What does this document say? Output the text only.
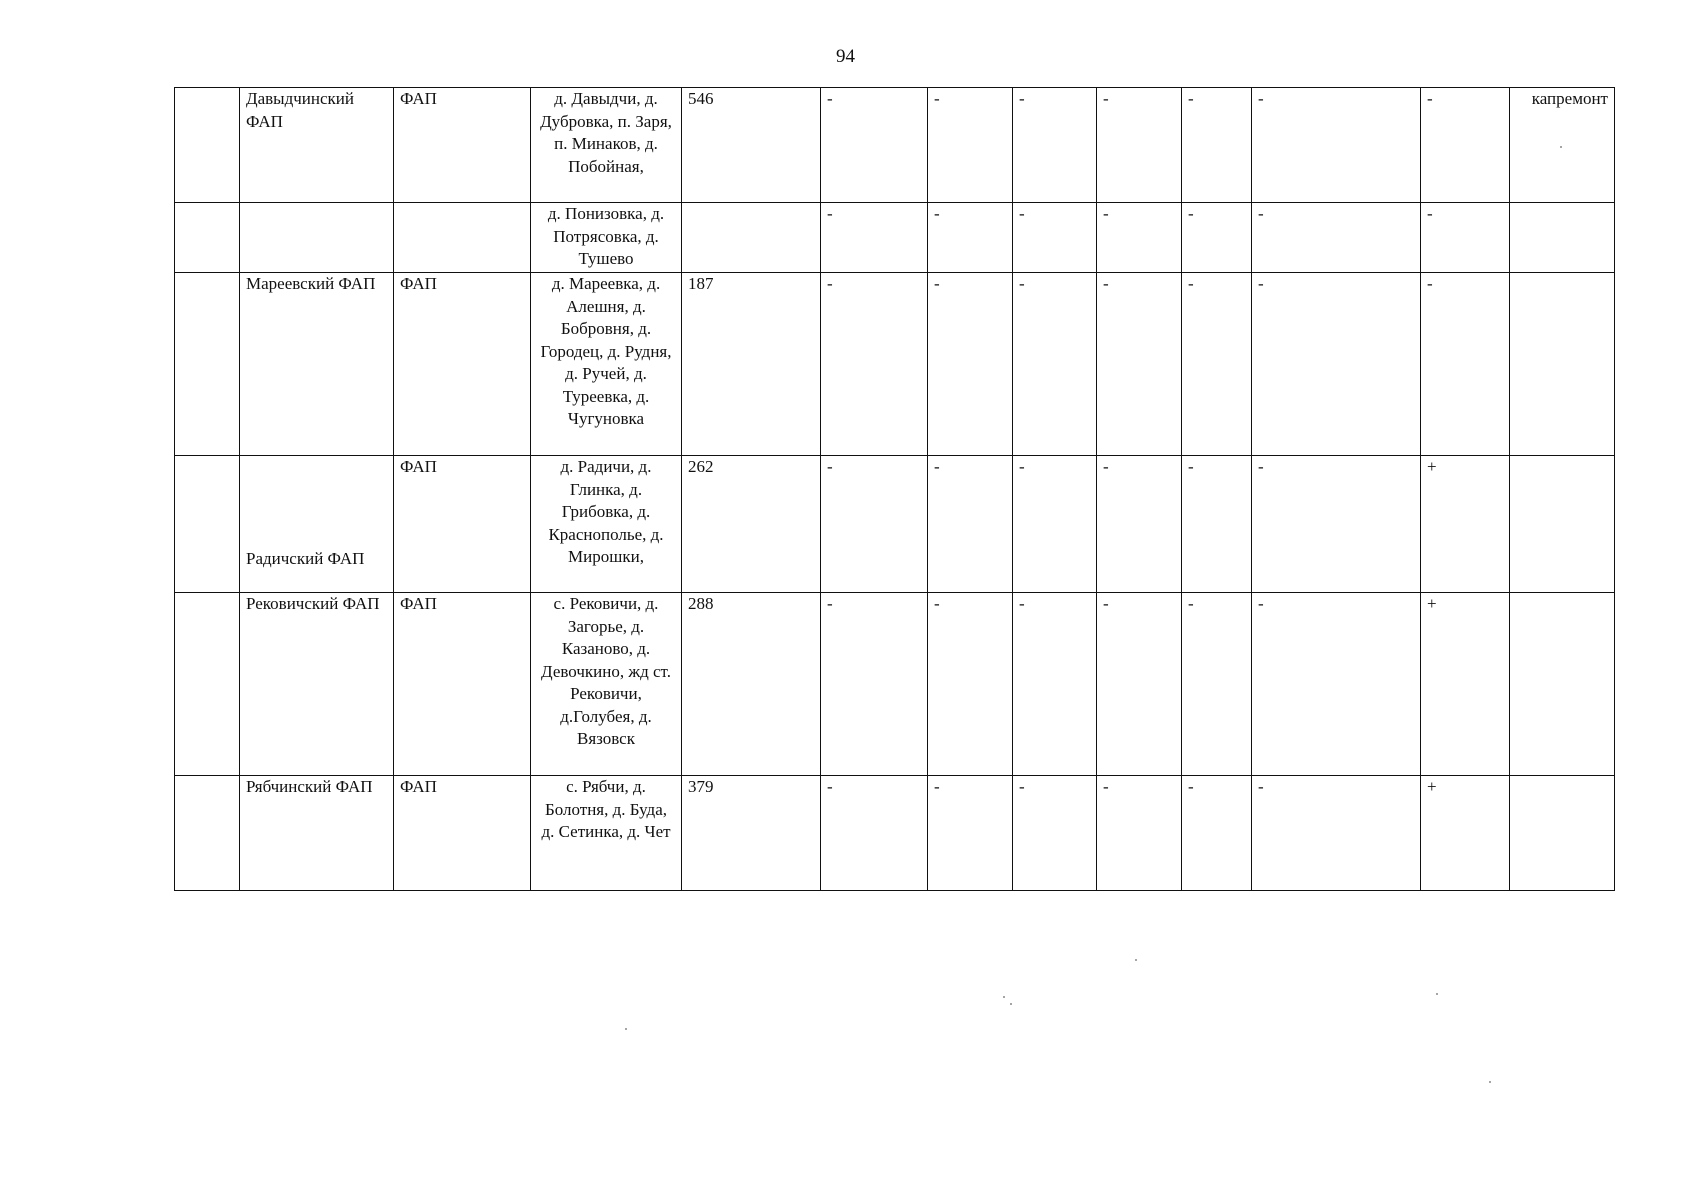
94
	Давыдчинский ФАП	ФАП	д. Давыдчи, д. Дубровка, п. Заря, п. Минаков, д. Побойная,	546	-	-	-	-	-	-	-	капремонт
			д. Понизовка, д. Потрясовка, д. Тушево		-	-	-	-	-	-	-	
	Мареевский ФАП	ФАП	д. Мареевка, д. Алешня, д. Бобровня, д. Городец, д. Рудня, д. Ручей, д. Туреевка, д. Чугуновка	187	-	-	-	-	-	-	-	
	Радичский ФАП	ФАП	д. Радичи, д. Глинка, д. Грибовка, д. Краснополье, д. Мирошки,	262	-	-	-	-	-	-	+	
	Рековичский ФАП	ФАП	с. Рековичи, д. Загорье, д. Казаново, д. Девочкино, жд ст. Рековичи, д.Голубея, д. Вязовск	288	-	-	-	-	-	-	+	
	Рябчинский ФАП	ФАП	с. Рябчи, д. Болотня, д. Буда, д. Сетинка, д. Чет	379	-	-	-	-	-	-	+	
